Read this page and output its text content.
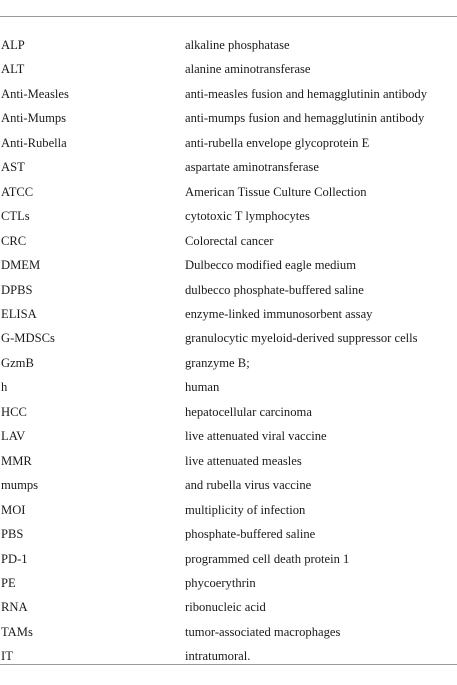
ALP	alkaline phosphatase
ALT	alanine aminotransferase
Anti-Measles	anti-measles fusion and hemagglutinin antibody
Anti-Mumps	anti-mumps fusion and hemagglutinin antibody
Anti-Rubella	anti-rubella envelope glycoprotein E
AST	aspartate aminotransferase
ATCC	American Tissue Culture Collection
CTLs	cytotoxic T lymphocytes
CRC	Colorectal cancer
DMEM	Dulbecco modified eagle medium
DPBS	dulbecco phosphate-buffered saline
ELISA	enzyme-linked immunosorbent assay
G-MDSCs	granulocytic myeloid-derived suppressor cells
GzmB	granzyme B;
h	human
HCC	hepatocellular carcinoma
LAV	live attenuated viral vaccine
MMR	live attenuated measles
mumps	and rubella virus vaccine
MOI	multiplicity of infection
PBS	phosphate-buffered saline
PD-1	programmed cell death protein 1
PE	phycoerythrin
RNA	ribonucleic acid
TAMs	tumor-associated macrophages
IT	intratumoral.
